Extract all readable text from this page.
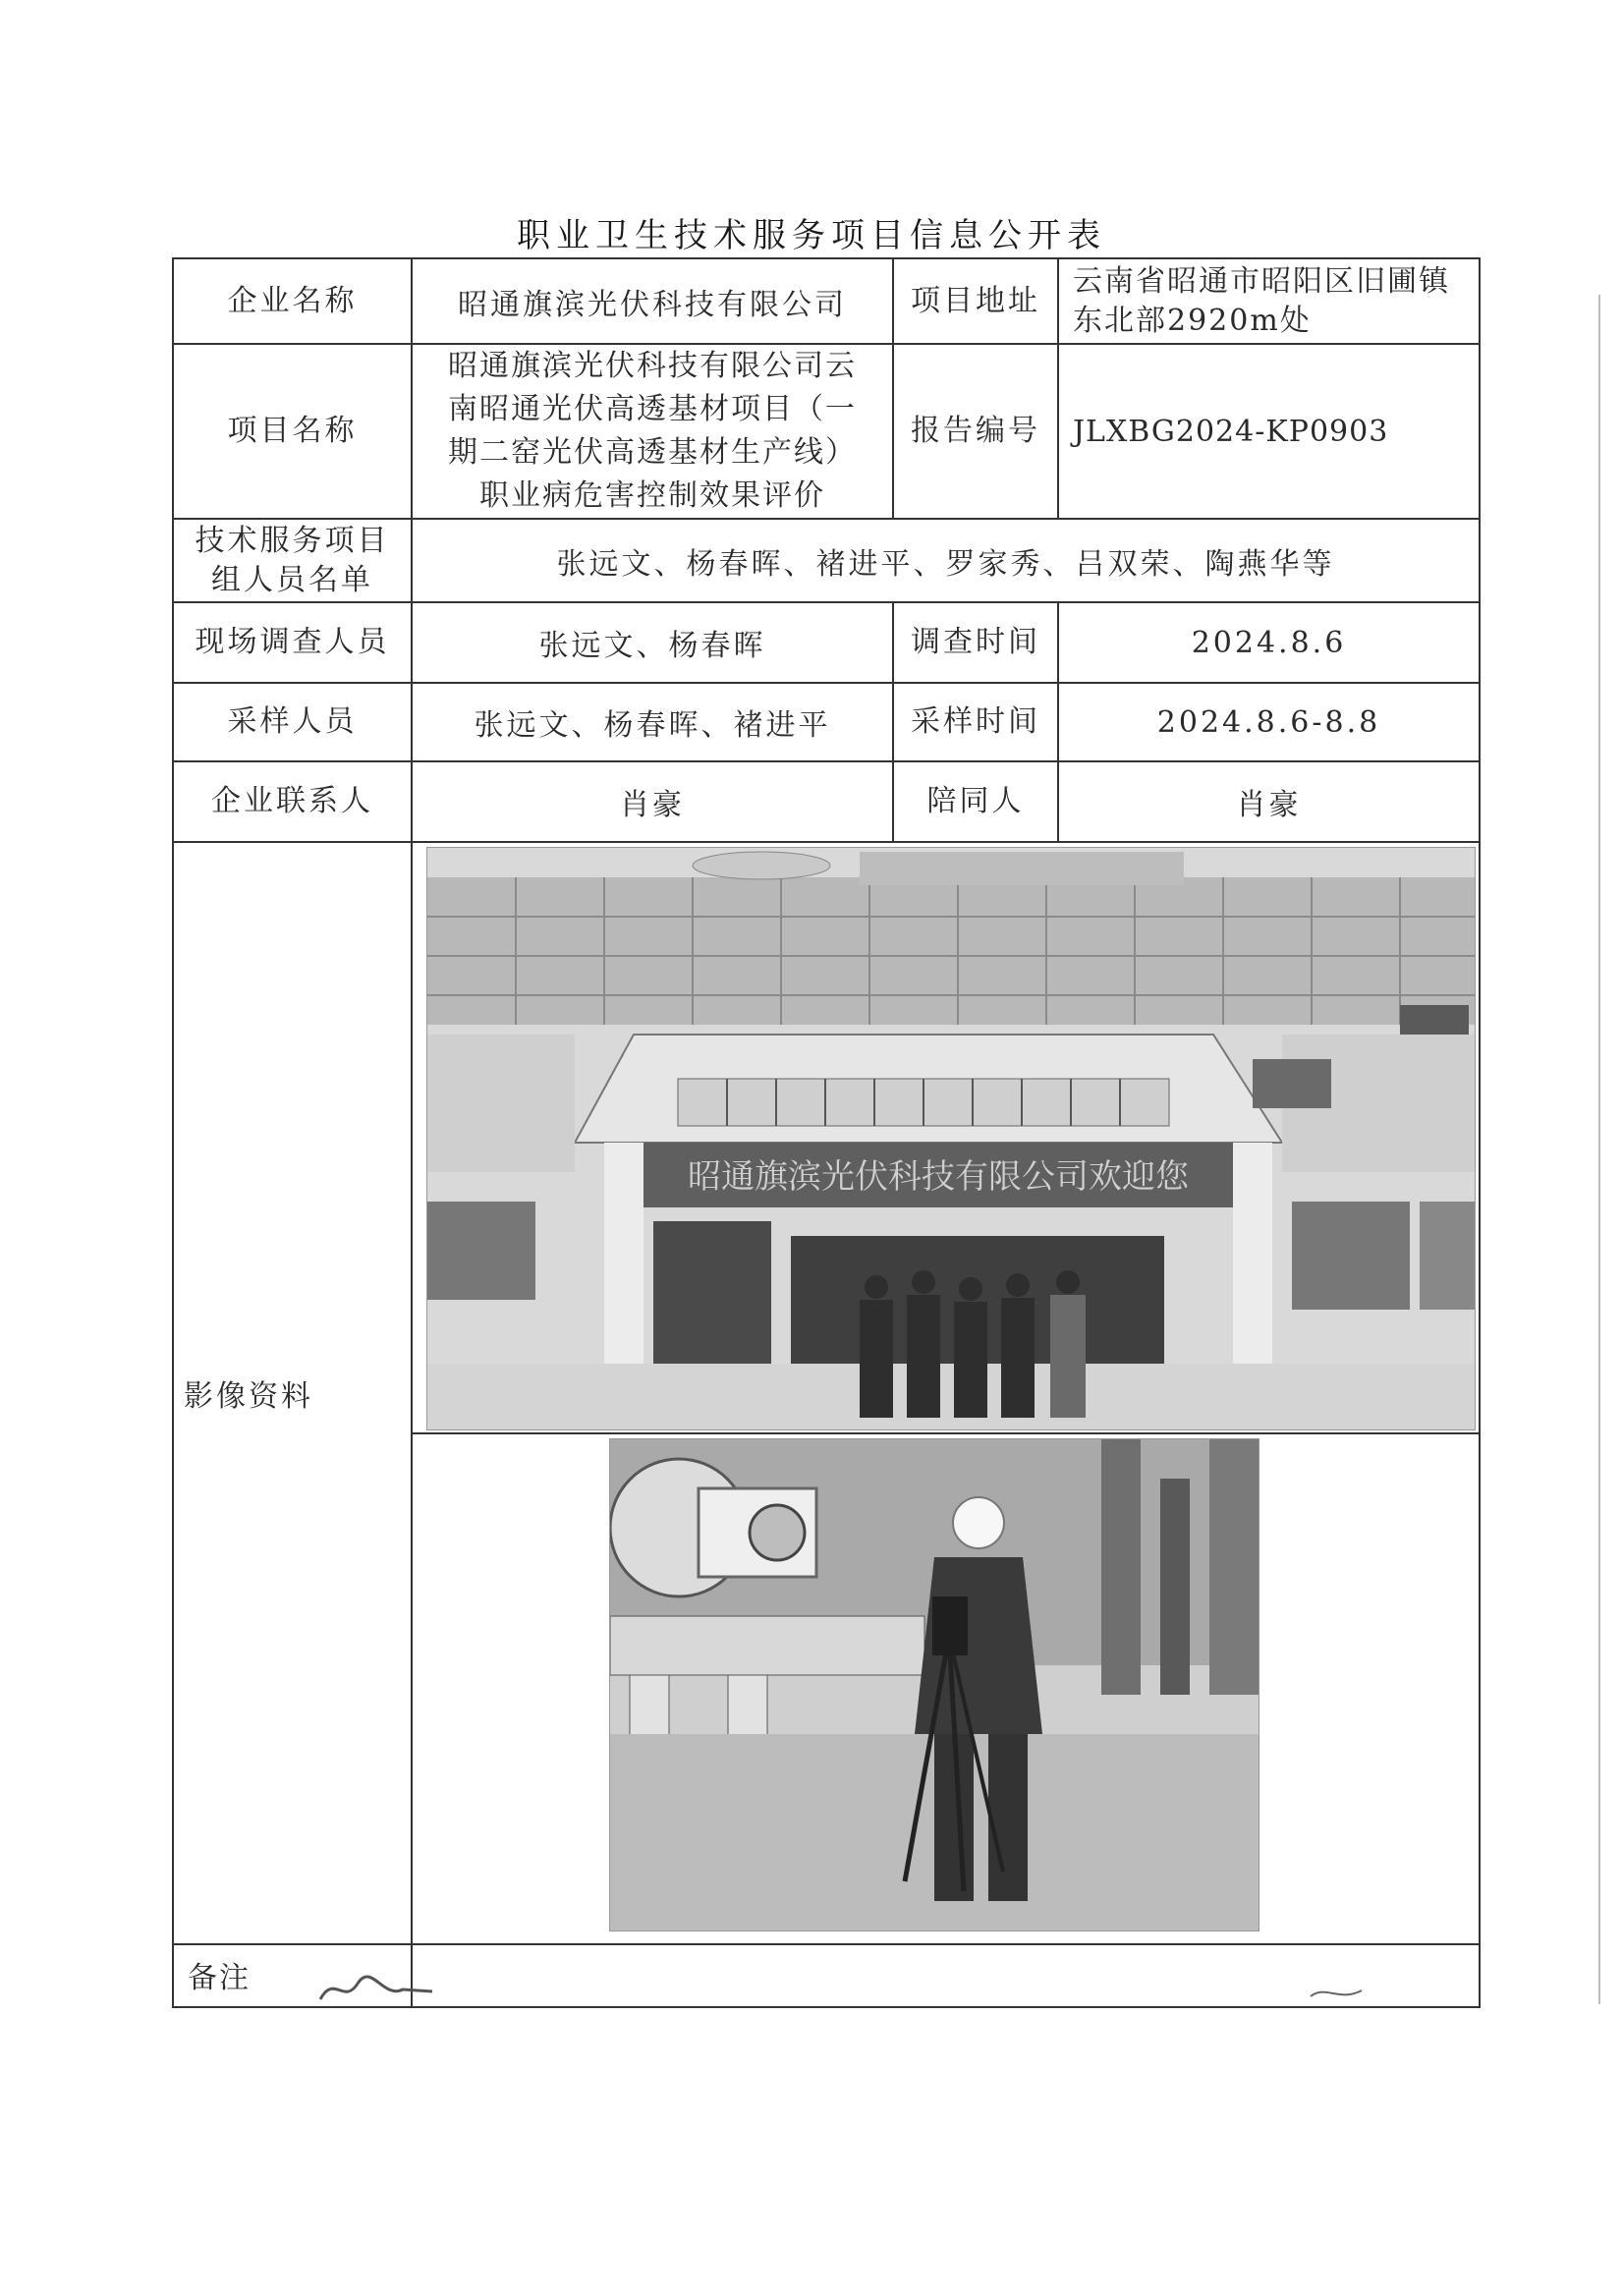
职业卫生技术服务项目信息公开表
企业名称	昭通旗滨光伏科技有限公司	项目地址	云南省昭通市昭阳区旧圃镇
东北部2920m处

项目名称	昭通旗滨光伏科技有限公司云
南昭通光伏高透基材项目（一
期二窑光伏高透基材生产线）
职业病危害控制效果评价	报告编号	JLXBG2024-KP0903

技术服务项目
组人员名单	张远文、杨春晖、褚进平、罗家秀、吕双荣、陶燕华等		
现场调查人员	张远文、杨春晖	调查时间	2024.8.6
采样人员	张远文、杨春晖、褚进平	采样时间	2024.8.6-8.8
企业联系人	肖豪	陪同人	肖豪
影像资料	昭通旗滨光伏科技有限公司欢迎您		

备注			
